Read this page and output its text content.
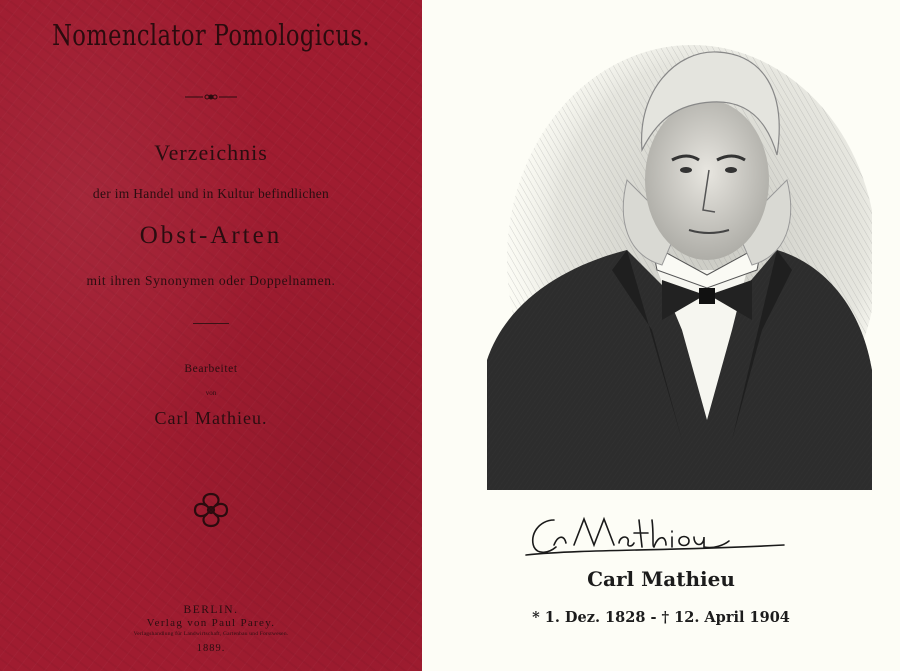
Nomenclator Pomologicus.
Verzeichnis
der im Handel und in Kultur befindlichen
Obst-Arten
mit ihren Synonymen oder Doppelnamen.
Bearbeitet
von
Carl Mathieu.
BERLIN.
Verlag von Paul Parey.
Verlagshandlung für Landwirtschaft, Gartenbau und Forstwesen.
1889.
Carl Mathieu
* 1. Dez. 1828 - † 12. April 1904
